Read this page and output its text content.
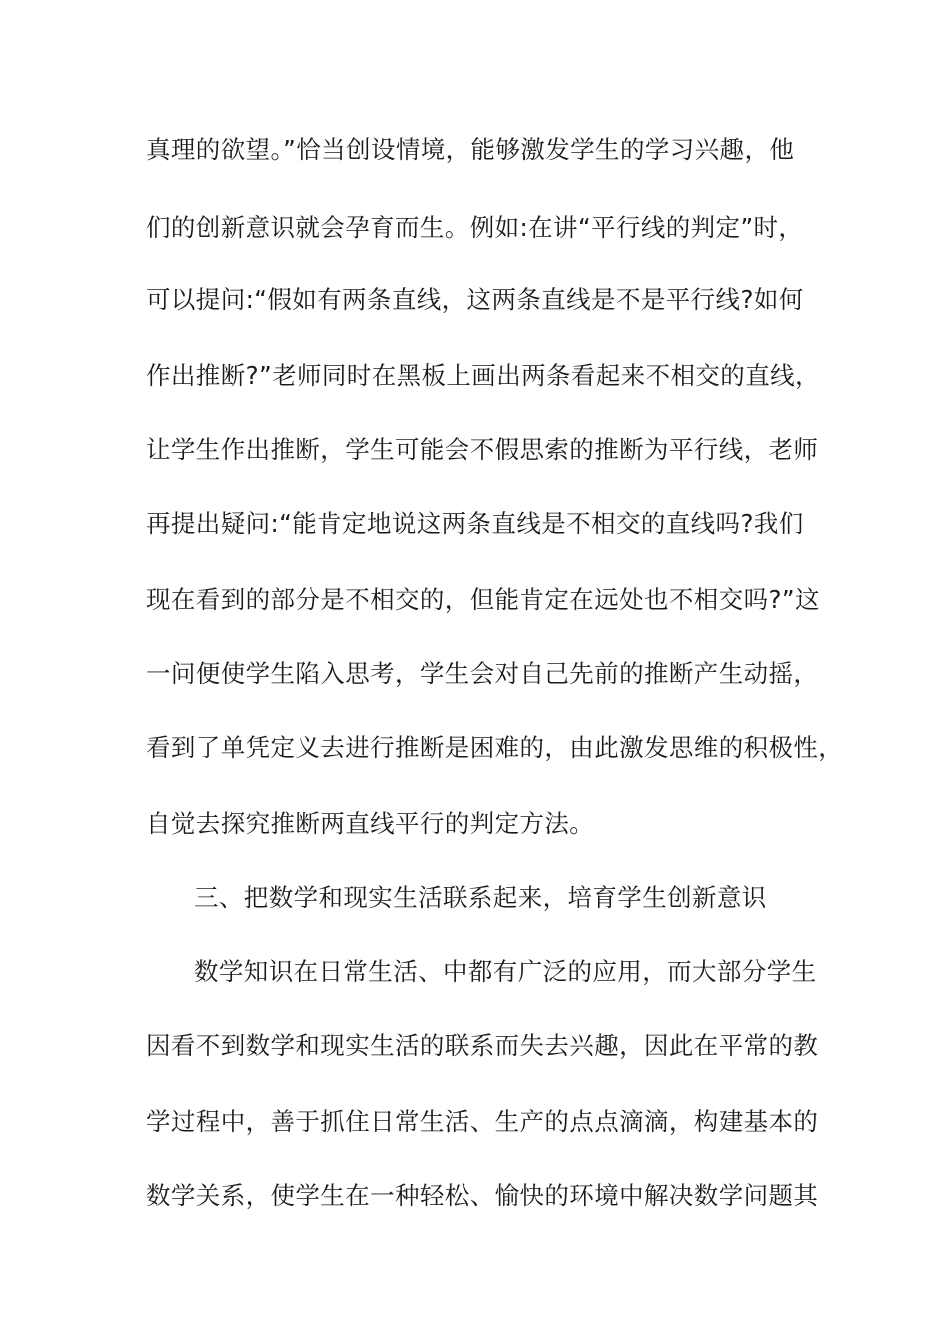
真理的欲望。”恰当创设情境，能够激发学生的学习兴趣，他
们的创新意识就会孕育而生。例如:在讲“平行线的判定”时，
可以提问:“假如有两条直线，这两条直线是不是平行线?如何
作出推断?”老师同时在黑板上画出两条看起来不相交的直线，
让学生作出推断，学生可能会不假思索的推断为平行线，老师
再提出疑问:“能肯定地说这两条直线是不相交的直线吗?我们
现在看到的部分是不相交的，但能肯定在远处也不相交吗?”这
一问便使学生陷入思考，学生会对自己先前的推断产生动摇，
看到了单凭定义去进行推断是困难的，由此激发思维的积极性，
自觉去探究推断两直线平行的判定方法。
三、把数学和现实生活联系起来，培育学生创新意识
数学知识在日常生活、中都有广泛的应用，而大部分学生
因看不到数学和现实生活的联系而失去兴趣，因此在平常的教
学过程中，善于抓住日常生活、生产的点点滴滴，构建基本的
数学关系，使学生在一种轻松、愉快的环境中解决数学问题其
